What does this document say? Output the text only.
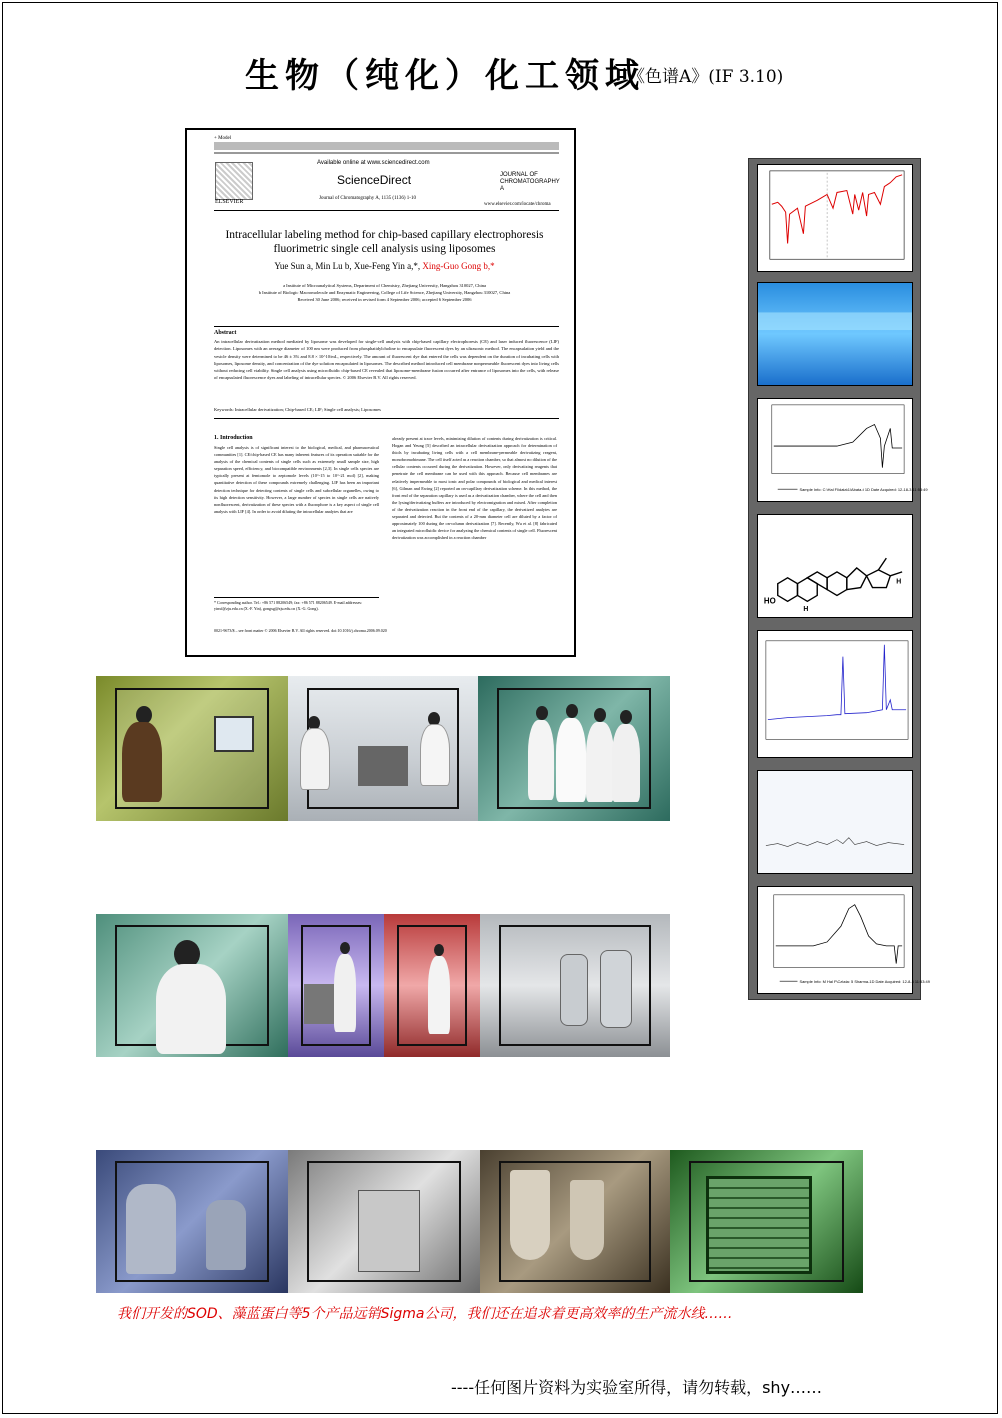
生物（纯化）化工领域
《色谱A》(IF 3.10)
+ Model

ELSEVIER
Available online at www.sciencedirect.com
ScienceDirect
Journal of Chromatography A, 1135 (1136) 1-10
JOURNAL OF CHROMATOGRAPHY A
www.elsevier.com/locate/chroma
Intracellular labeling method for chip-based capillary electrophoresis fluorimetric single cell analysis using liposomes
Yue Sun a, Min Lu b, Xue-Feng Yin a,*, Xing-Guo Gong b,*
a Institute of Microanalytical Systems, Department of Chemistry, Zhejiang University, Hangzhou 310027, China
b Institute of Biologic Macromolecule and Enzymatic Engineering, College of Life Science, Zhejiang University, Hangzhou 310027, China
Received 30 June 2006; received in revised form 4 September 2006; accepted 6 September 2006
Abstract
An intracellular derivatization method mediated by liposome was developed for single-cell analysis with chip-based capillary electrophoresis (CE) and laser induced fluorescence (LIF) detection. Liposomes with an average diameter of 100 nm were produced from phosphatidylcholine to encapsulate fluorescent dyes by an ultrasonic method. The encapsulation yield and the vesicle density were determined to be 46 ± 3% and 8.8 × 10^10/mL, respectively. The amount of fluorescent dye that entered the cells was dependent on the duration of incubating cells with liposomes, liposome density, and concentration of the dye solution encapsulated in liposomes. The described method introduced cell membrane nonpermeable fluorescent dyes into living cells without reducing cell viability. Single cell analysis using microfluidic chip-based CE revealed that liposome-membrane fusion occurred after entrance of liposomes into the cells, with release of encapsulated fluorescence dyes and labeling of intracellular species. © 2006 Elsevier B.V. All rights reserved.
Keywords: Intracellular derivatization; Chip-based CE; LIF; Single cell analysis; Liposomes
1. Introduction
Single cell analysis is of significant interest to the biological, medical, and pharmaceutical communities [1]. CE/chip-based CE has many inherent features of its operation suitable for the analysis of the chemical contents of single cells such as extremely small sample size, high separation speed, efficiency, and biocompatible environments [2,3]. In single cells species are typically present at femtomole to zeptomole levels (10^-15 to 10^-21 mol) [2], making quantitative detection of these compounds extremely challenging. LIF has been an important detection technique for detecting contents of single cells and subcellular organelles, owing to its high detection sensitivity. However, a large number of species in single cells are natively nonfluorescent, derivatization of these species with a fluorophore is a key aspect of single cell analysis with LIF [4]. In order to avoid diluting the intracellular analytes that are
already present at trace levels, minimizing dilution of contents during derivatization is critical. Hogan and Yeung [5] described an intracellular derivatization approach for determination of thiols by incubating living cells with a cell membrane-permeable derivatizing reagent, monobromobimane. The cell itself acted as a reaction chamber, so that almost no dilution of the cellular contents occurred during the derivatization. However, only derivatizing reagents that penetrate the cell membrane can be used with this approach. Because cell membranes are relatively impermeable to most ionic and polar compounds of biological and medical interest [6], Gilman and Ewing [2] reported an on-capillary derivatization scheme. In this method, the front end of the separation capillary is used as a derivatization chamber, where the cell and then the lysing/derivatizing buffers are introduced by electromigration and mixed. After completion of the derivatization reaction in the front end of the capillary, the derivatized analytes are separated and detected. But the contents of a 20-mm diameter cell are diluted by a factor of approximately 100 during the on-column derivatization [7]. Recently, Wu et al. [8] fabricated an integrated microfluidic device for analyzing the chemical contents of single cell. Fluorescent derivatization was accomplished in a reaction chamber
* Corresponding author. Tel.: +86 571 88206549; fax: +86 571 88206549. E-mail addresses: yinxf@zju.edu.cn (X.-F. Yin), gongxg@zju.edu.cn (X.-G. Gong).
0021-9673/$ – see front matter © 2006 Elsevier B.V. All rights reserved. doi:10.1016/j.chroma.2006.09.020
Sample Info: C:\Hal Fl\data\1\Abata-t 1D Date Acquired: 12-18-3 11:53:49
HO
H
H
Sample Info: M Hal F\Ca\sta: 5 Sharma-1D Date Acquired: 12-8-3 11:53:49
我们开发的SOD、藻蓝蛋白等5个产品远销Sigma公司，我们还在追求着更高效率的生产流水线……
----任何图片资料为实验室所得，请勿转载，shy……
